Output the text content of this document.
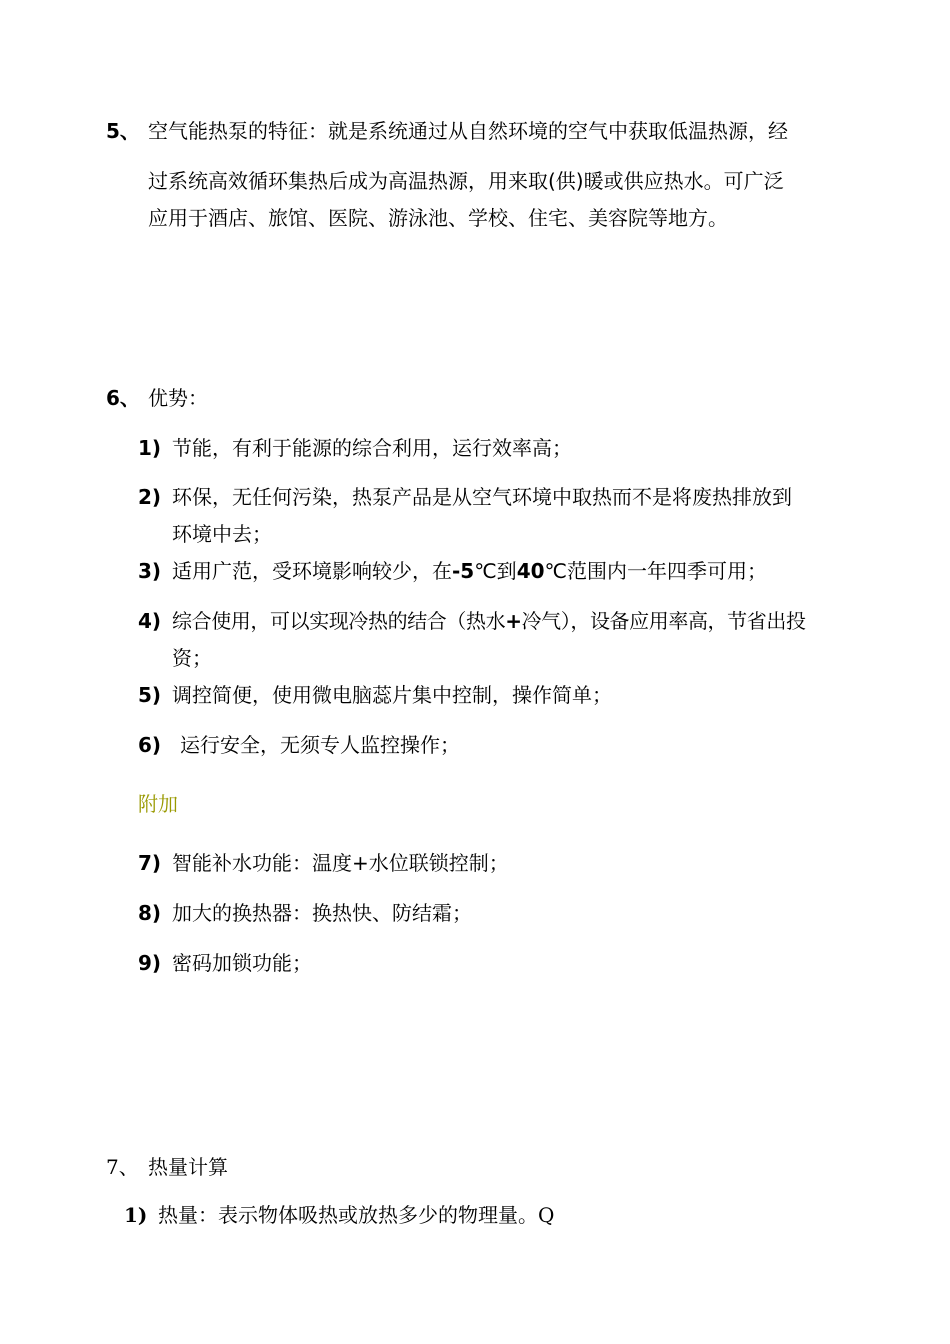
5、 空气能热泵的特征：就是系统通过从自然环境的空气中获取低温热源，经
过系统高效循环集热后成为高温热源，用来取(供)暖或供应热水。可广泛
应用于酒店、旅馆、医院、游泳池、学校、住宅、美容院等地方。
6、 优势：
1) 节能，有利于能源的综合利用，运行效率高；
2) 环保，无任何污染，热泵产品是从空气环境中取热而不是将废热排放到
环境中去；
3) 适用广范，受环境影响较少，在-5℃到40℃范围内一年四季可用；
4) 综合使用，可以实现冷热的结合（热水+冷气），设备应用率高，节省出投
资；
5) 调控简便，使用微电脑蕊片集中控制，操作简单；
6) 运行安全，无须专人监控操作；
附加
7) 智能补水功能：温度+水位联锁控制；
8) 加大的换热器：换热快、防结霜；
9) 密码加锁功能；
7、 热量计算
1) 热量：表示物体吸热或放热多少的物理量。Q
